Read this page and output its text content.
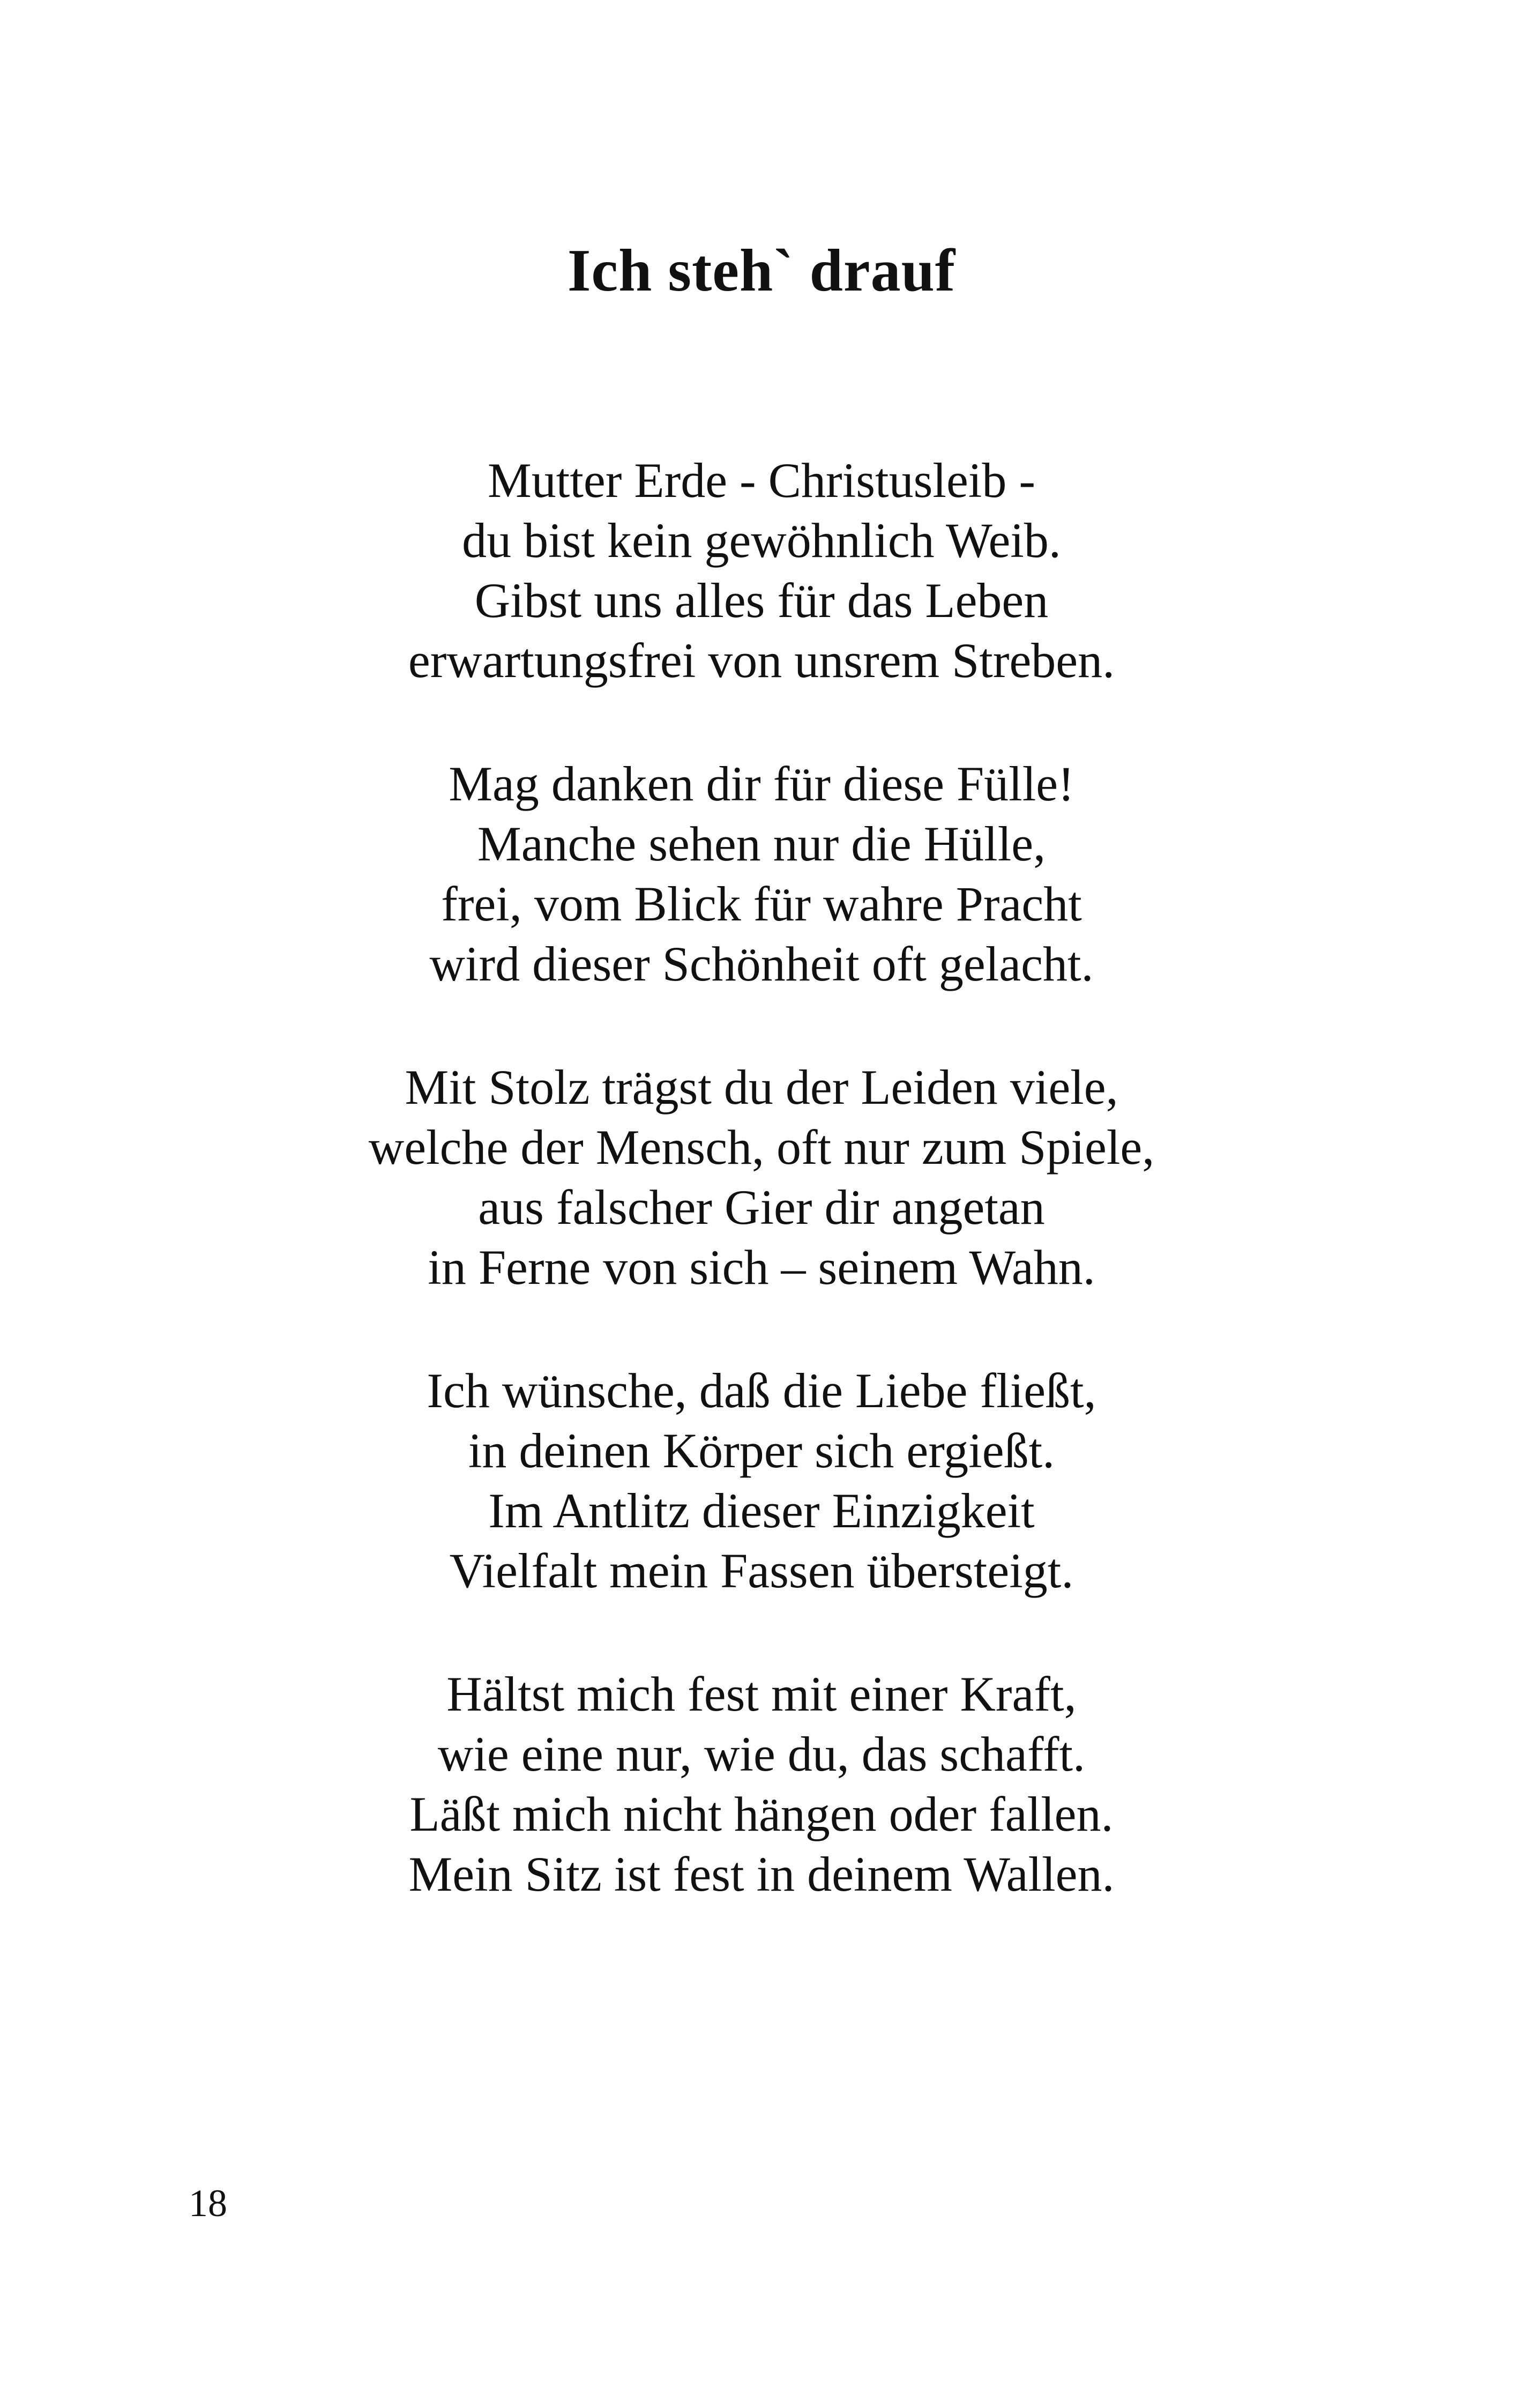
Ich steh` drauf

Mutter Erde - Christusleib -
du bist kein gewöhnlich Weib.
Gibst uns alles für das Leben
erwartungsfrei von unsrem Streben.

Mag danken dir für diese Fülle!
Manche sehen nur die Hülle,
frei, vom Blick für wahre Pracht
wird dieser Schönheit oft gelacht.

Mit Stolz trägst du der Leiden viele,
welche der Mensch, oft nur zum Spiele,
aus falscher Gier dir angetan
in Ferne von sich – seinem Wahn.

Ich wünsche, daß die Liebe fließt,
in deinen Körper sich ergießt.
Im Antlitz dieser Einzigkeit
Vielfalt mein Fassen übersteigt.

Hältst mich fest mit einer Kraft,
wie eine nur, wie du, das schafft.
Läßt mich nicht hängen oder fallen.
Mein Sitz ist fest in deinem Wallen.

18
